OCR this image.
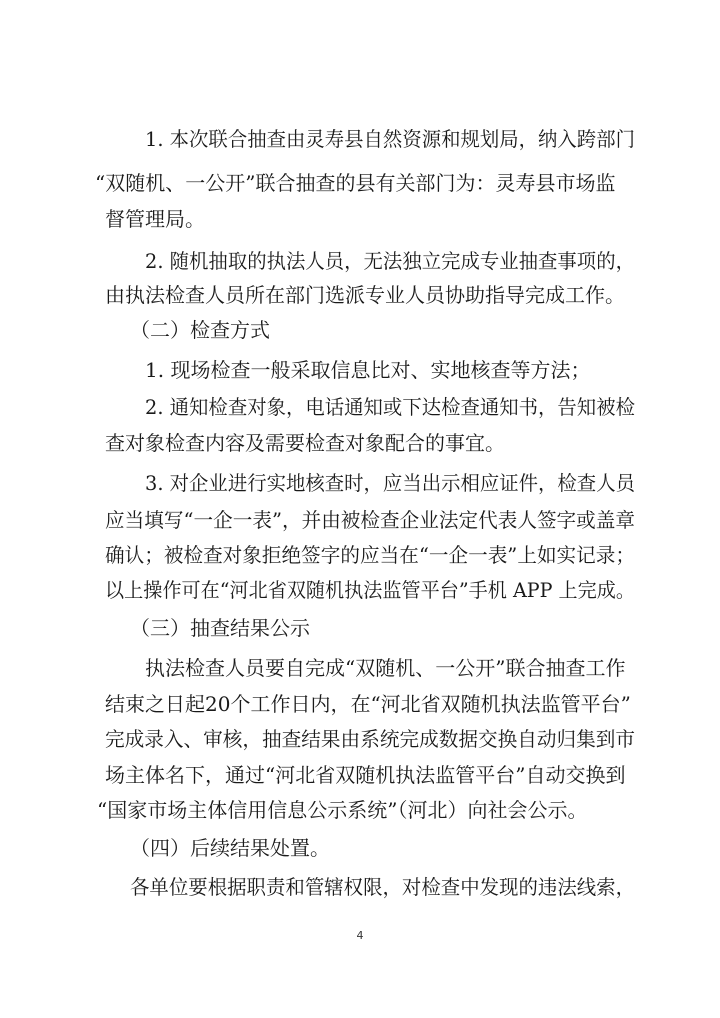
1. 本次联合抽查由灵寿县自然资源和规划局，纳入跨部门
“双随机、一公开”联合抽查的县有关部门为：灵寿县市场监
督管理局。
2. 随机抽取的执法人员，无法独立完成专业抽查事项的，
由执法检查人员所在部门选派专业人员协助指导完成工作。
（二）检查方式
1. 现场检查一般采取信息比对、实地核查等方法；
2. 通知检查对象，电话通知或下达检查通知书，告知被检
查对象检查内容及需要检查对象配合的事宜。
3. 对企业进行实地核查时，应当出示相应证件，检查人员
应当填写“一企一表”，并由被检查企业法定代表人签字或盖章
确认；被检查对象拒绝签字的应当在“一企一表”上如实记录；
以上操作可在“河北省双随机执法监管平台”手机 APP 上完成。
（三）抽查结果公示
执法检查人员要自完成“双随机、一公开”联合抽查工作
结束之日起20个工作日内，在“河北省双随机执法监管平台”
完成录入、审核，抽查结果由系统完成数据交换自动归集到市
场主体名下，通过“河北省双随机执法监管平台”自动交换到
“国家市场主体信用信息公示系统”（河北）向社会公示。
（四）后续结果处置。
各单位要根据职责和管辖权限，对检查中发现的违法线索，
4
